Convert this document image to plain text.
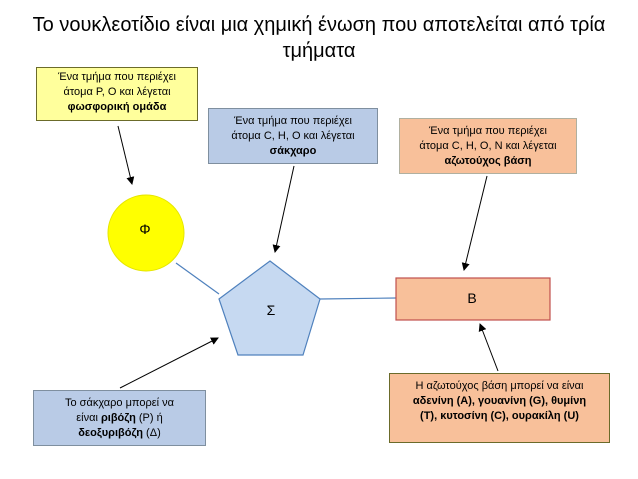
Το νουκλεοτίδιο είναι μια χημική ένωση που αποτελείται από τρία τμήματα
Φ
Σ
Β
Ένα τμήμα που περιέχει
άτομα P, O και λέγεται
φωσφορική ομάδα
Ένα τμήμα που περιέχει
άτομα C, H, O και λέγεται
σάκχαρο
Ένα τμήμα που περιέχει
άτομα C, H, O, N και λέγεται
αζωτούχος βάση
Το σάκχαρο μπορεί να
είναι ριβόζη (Ρ) ή
δεοξυριβόζη (Δ)
Η αζωτούχος βάση μπορεί να είναι
αδενίνη (Α), γουανίνη (G), θυμίνη
(Τ), κυτοσίνη (C), ουρακίλη (U)
